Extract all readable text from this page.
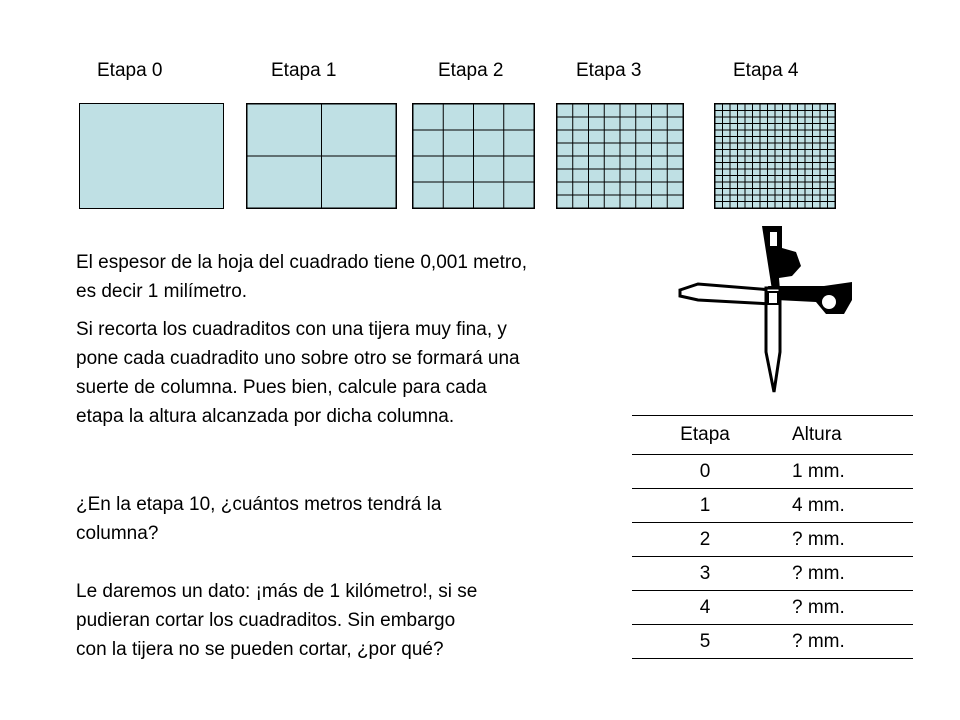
Etapa 0	Etapa 1	Etapa 2	Etapa 3	Etapa 4
El espesor de la hoja del cuadrado tiene 0,001 metro,
es decir 1 milímetro.
Si recorta los cuadraditos con una tijera muy fina, y
pone cada cuadradito uno sobre otro se formará una
suerte de columna. Pues bien, calcule para cada
etapa la altura alcanzada por dicha columna.
¿En la etapa 10, ¿cuántos metros tendrá la
columna?
Le daremos un dato: ¡más de 1 kilómetro!, si se
pudieran cortar los cuadraditos. Sin embargo
con la tijera no se pueden cortar, ¿por qué?
Etapa	Altura
0	1 mm.
1	4 mm.
2	? mm.
3	? mm.
4	? mm.
5	? mm.
